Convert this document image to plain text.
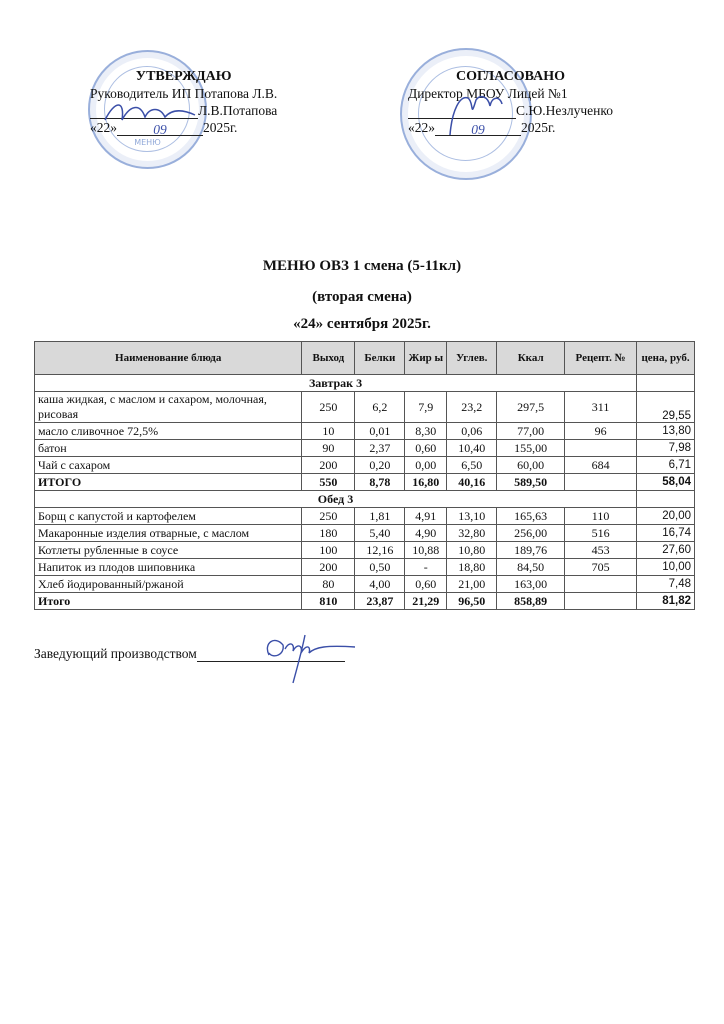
МЕНЮ
УТВЕРЖДАЮ
Руководитель ИП Потапова Л.В.
Л.В.Потапова
«22»	09	2025г.
СОГЛАСОВАНО
Директор МБОУ Лицей №1
С.Ю.Незлученко
«22»	09	2025г.
МЕНЮ ОВЗ 1 смена (5-11кл)
(вторая смена)
«24» сентября 2025г.
Наименование блюда	Выход	Белки	Жир ы	Углев.	Ккал	Рецепт. №	цена, руб.
Завтрак 3							
каша жидкая, с маслом и сахаром, молочная, рисовая	250	6,2	7,9	23,2	297,5	311	29,55
масло сливочное 72,5%	10	0,01	8,30	0,06	77,00	96	13,80
батон	90	2,37	0,60	10,40	155,00		7,98
Чай с сахаром	200	0,20	0,00	6,50	60,00	684	6,71
ИТОГО	550	8,78	16,80	40,16	589,50		58,04
Обед 3							
Борщ с капустой и картофелем	250	1,81	4,91	13,10	165,63	110	20,00
Макаронные изделия отварные, с маслом	180	5,40	4,90	32,80	256,00	516	16,74
Котлеты рубленные в соусе	100	12,16	10,88	10,80	189,76	453	27,60
Напиток из плодов шиповника	200	0,50	-	18,80	84,50	705	10,00
Хлеб йодированный/ржаной	80	4,00	0,60	21,00	163,00		7,48
Итого	810	23,87	21,29	96,50	858,89		81,82
Заведующий производством
